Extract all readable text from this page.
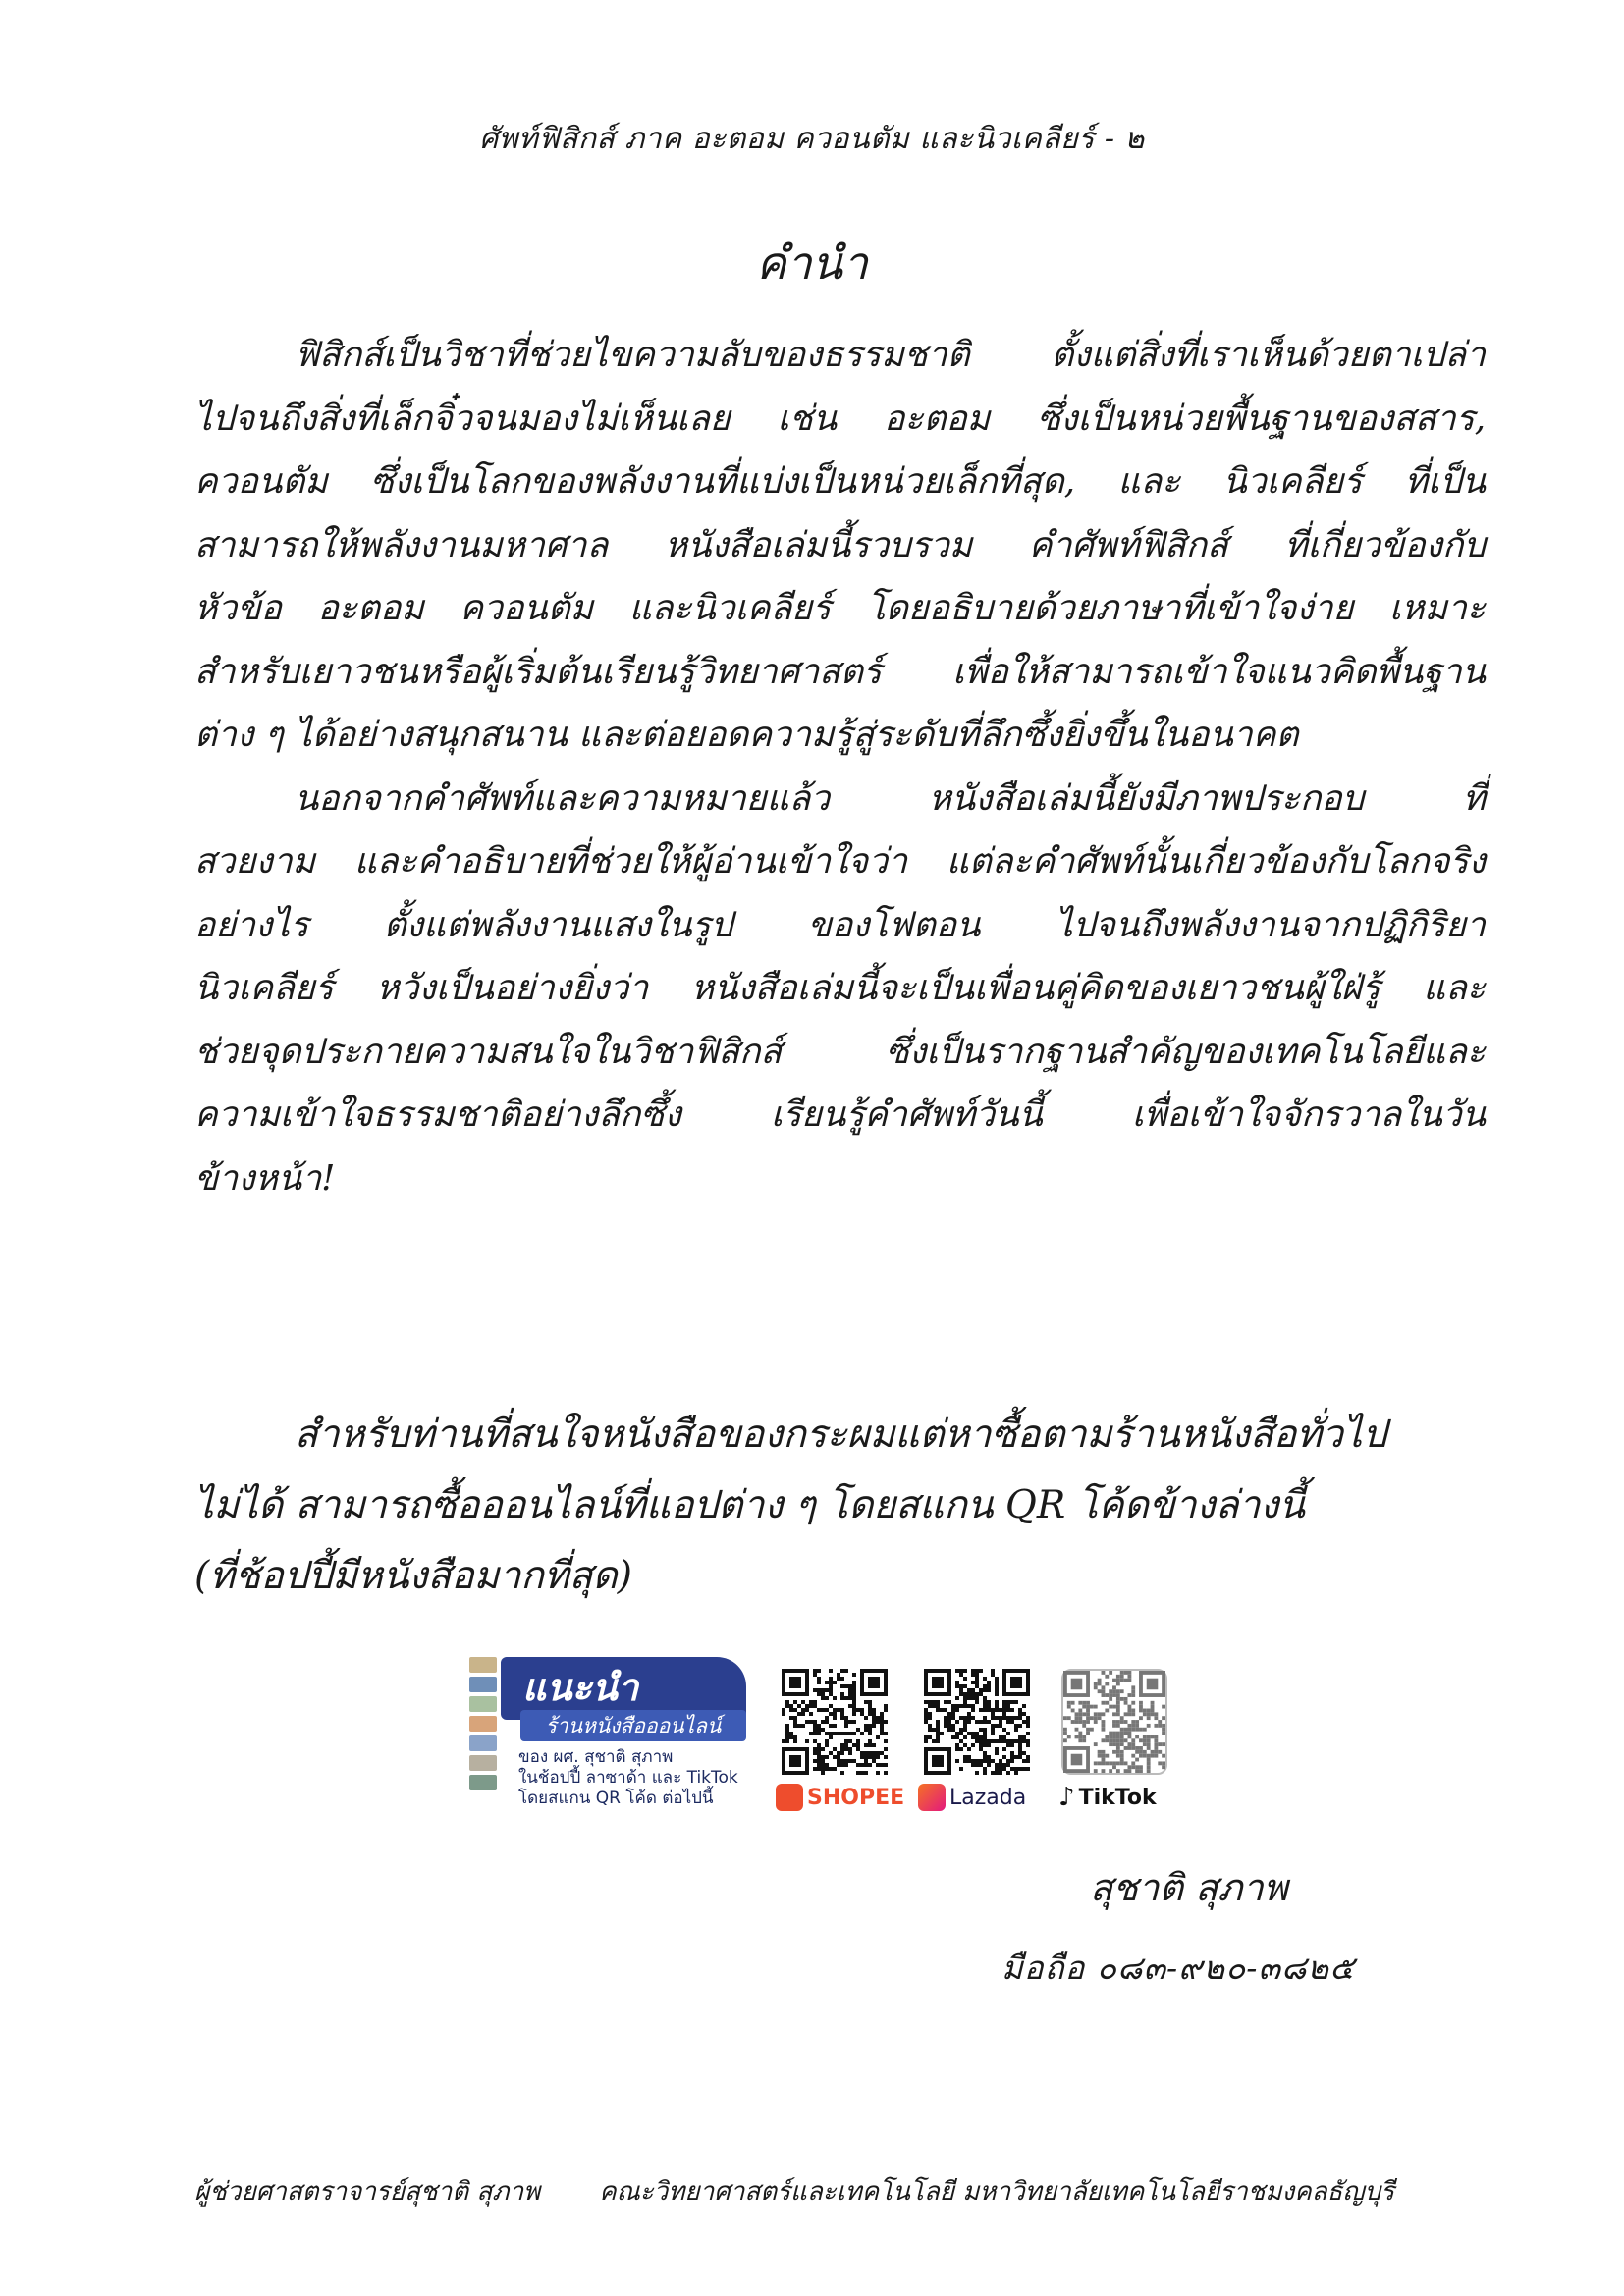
ศัพท์ฟิสิกส์ ภาค อะตอม ควอนตัม และนิวเคลียร์ - ๒
คำนำ
ฟิสิกส์เป็นวิชาที่ช่วยไขความลับของธรรมชาติ ตั้งแต่สิ่งที่เราเห็นด้วยตาเปล่า
ไปจนถึงสิ่งที่เล็กจิ๋วจนมองไม่เห็นเลย เช่น อะตอม ซึ่งเป็นหน่วยพื้นฐานของสสาร,
ควอนตัม ซึ่งเป็นโลกของพลังงานที่แบ่งเป็นหน่วยเล็กที่สุด, และ นิวเคลียร์ ที่เป็น
สามารถให้พลังงานมหาศาล หนังสือเล่มนี้รวบรวม คำศัพท์ฟิสิกส์ ที่เกี่ยวข้องกับ
หัวข้อ อะตอม ควอนตัม และนิวเคลียร์ โดยอธิบายด้วยภาษาที่เข้าใจง่าย เหมาะ
สำหรับเยาวชนหรือผู้เริ่มต้นเรียนรู้วิทยาศาสตร์ เพื่อให้สามารถเข้าใจแนวคิดพื้นฐาน
ต่าง ๆ ได้อย่างสนุกสนาน และต่อยอดความรู้สู่ระดับที่ลึกซึ้งยิ่งขึ้นในอนาคต
นอกจากคำศัพท์และความหมายแล้ว หนังสือเล่มนี้ยังมีภาพประกอบ ที่
สวยงาม และคำอธิบายที่ช่วยให้ผู้อ่านเข้าใจว่า แต่ละคำศัพท์นั้นเกี่ยวข้องกับโลกจริง
อย่างไร ตั้งแต่พลังงานแสงในรูป ของโฟตอน ไปจนถึงพลังงานจากปฏิกิริยา
นิวเคลียร์ หวังเป็นอย่างยิ่งว่า หนังสือเล่มนี้จะเป็นเพื่อนคู่คิดของเยาวชนผู้ใฝ่รู้ และ
ช่วยจุดประกายความสนใจในวิชาฟิสิกส์ ซึ่งเป็นรากฐานสำคัญของเทคโนโลยีและ
ความเข้าใจธรรมชาติอย่างลึกซึ้ง เรียนรู้คำศัพท์วันนี้ เพื่อเข้าใจจักรวาลในวัน
ข้างหน้า!
สำหรับท่านที่สนใจหนังสือของกระผมแต่หาซื้อตามร้านหนังสือทั่วไป
ไม่ได้ สามารถซื้อออนไลน์ที่แอปต่าง ๆ โดยสแกน QR โค้ดข้างล่างนี้
(ที่ช้อปปี้มีหนังสือมากที่สุด)
แนะนำ
ร้านหนังสือออนไลน์
ของ ผศ. สุชาติ สุภาพ
ในช้อปปี้ ลาซาด้า และ TikTok
โดยสแกน QR โค้ด ต่อไปนี้	SHOPEE Lazada ♪ TikTok
สุชาติ สุภาพ
มือถือ ๐๘๓-๙๒๐-๓๘๒๕
ผู้ช่วยศาสตราจารย์สุชาติ สุภาพ คณะวิทยาศาสตร์และเทคโนโลยี มหาวิทยาลัยเทคโนโลยีราชมงคลธัญบุรี
